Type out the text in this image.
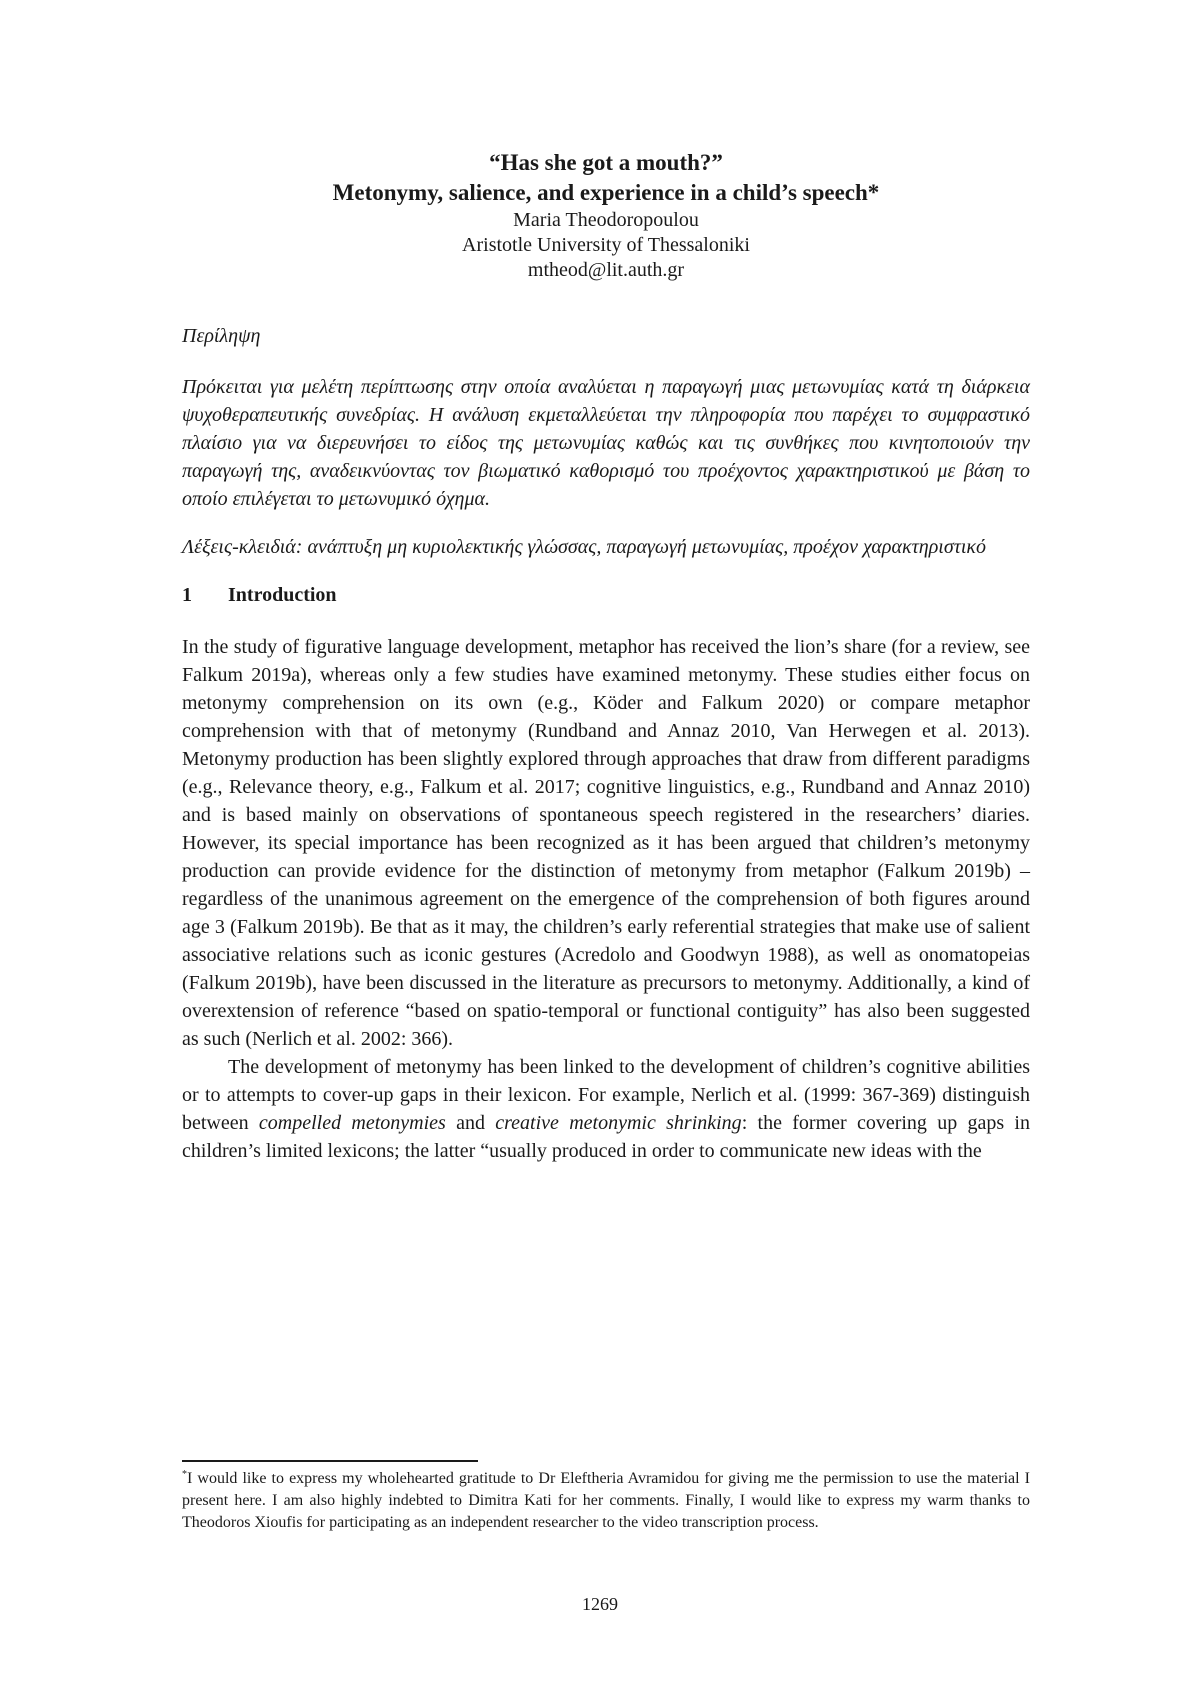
“Has she got a mouth?”
Metonymy, salience, and experience in a child’s speech*
Maria Theodoropoulou
Aristotle University of Thessaloniki
mtheod@lit.auth.gr
Περίληψη
Πρόκειται για μελέτη περίπτωσης στην οποία αναλύεται η παραγωγή μιας μετωνυμίας κατά τη διάρκεια ψυχοθεραπευτικής συνεδρίας. Η ανάλυση εκμεταλλεύεται την πληροφορία που παρέχει το συμφραστικό πλαίσιο για να διερευνήσει το είδος της μετωνυμίας καθώς και τις συνθήκες που κινητοποιούν την παραγωγή της, αναδεικνύοντας τον βιωματικό καθορισμό του προέχοντος χαρακτηριστικού με βάση το οποίο επιλέγεται το μετωνυμικό όχημα.
Λέξεις-κλειδιά: ανάπτυξη μη κυριολεκτικής γλώσσας, παραγωγή μετωνυμίας, προέχον χαρακτηριστικό
1	Introduction
In the study of figurative language development, metaphor has received the lion’s share (for a review, see Falkum 2019a), whereas only a few studies have examined metonymy. These studies either focus on metonymy comprehension on its own (e.g., Köder and Falkum 2020) or compare metaphor comprehension with that of metonymy (Rundband and Annaz 2010, Van Herwegen et al. 2013). Metonymy production has been slightly explored through approaches that draw from different paradigms (e.g., Relevance theory, e.g., Falkum et al. 2017; cognitive linguistics, e.g., Rundband and Annaz 2010) and is based mainly on observations of spontaneous speech registered in the researchers’ diaries. However, its special importance has been recognized as it has been argued that children’s metonymy production can provide evidence for the distinction of metonymy from metaphor (Falkum 2019b) – regardless of the unanimous agreement on the emergence of the comprehension of both figures around age 3 (Falkum 2019b). Be that as it may, the children’s early referential strategies that make use of salient associative relations such as iconic gestures (Acredolo and Goodwyn 1988), as well as onomatopeias (Falkum 2019b), have been discussed in the literature as precursors to metonymy. Additionally, a kind of overextension of reference “based on spatio-temporal or functional contiguity” has also been suggested as such (Nerlich et al. 2002: 366).
The development of metonymy has been linked to the development of children’s cognitive abilities or to attempts to cover-up gaps in their lexicon. For example, Nerlich et al. (1999: 367-369) distinguish between compelled metonymies and creative metonymic shrinking: the former covering up gaps in children’s limited lexicons; the latter “usually produced in order to communicate new ideas with the
*I would like to express my wholehearted gratitude to Dr Eleftheria Avramidou for giving me the permission to use the material I present here. I am also highly indebted to Dimitra Kati for her comments. Finally, I would like to express my warm thanks to Theodoros Xioufis for participating as an independent researcher to the video transcription process.
1269
